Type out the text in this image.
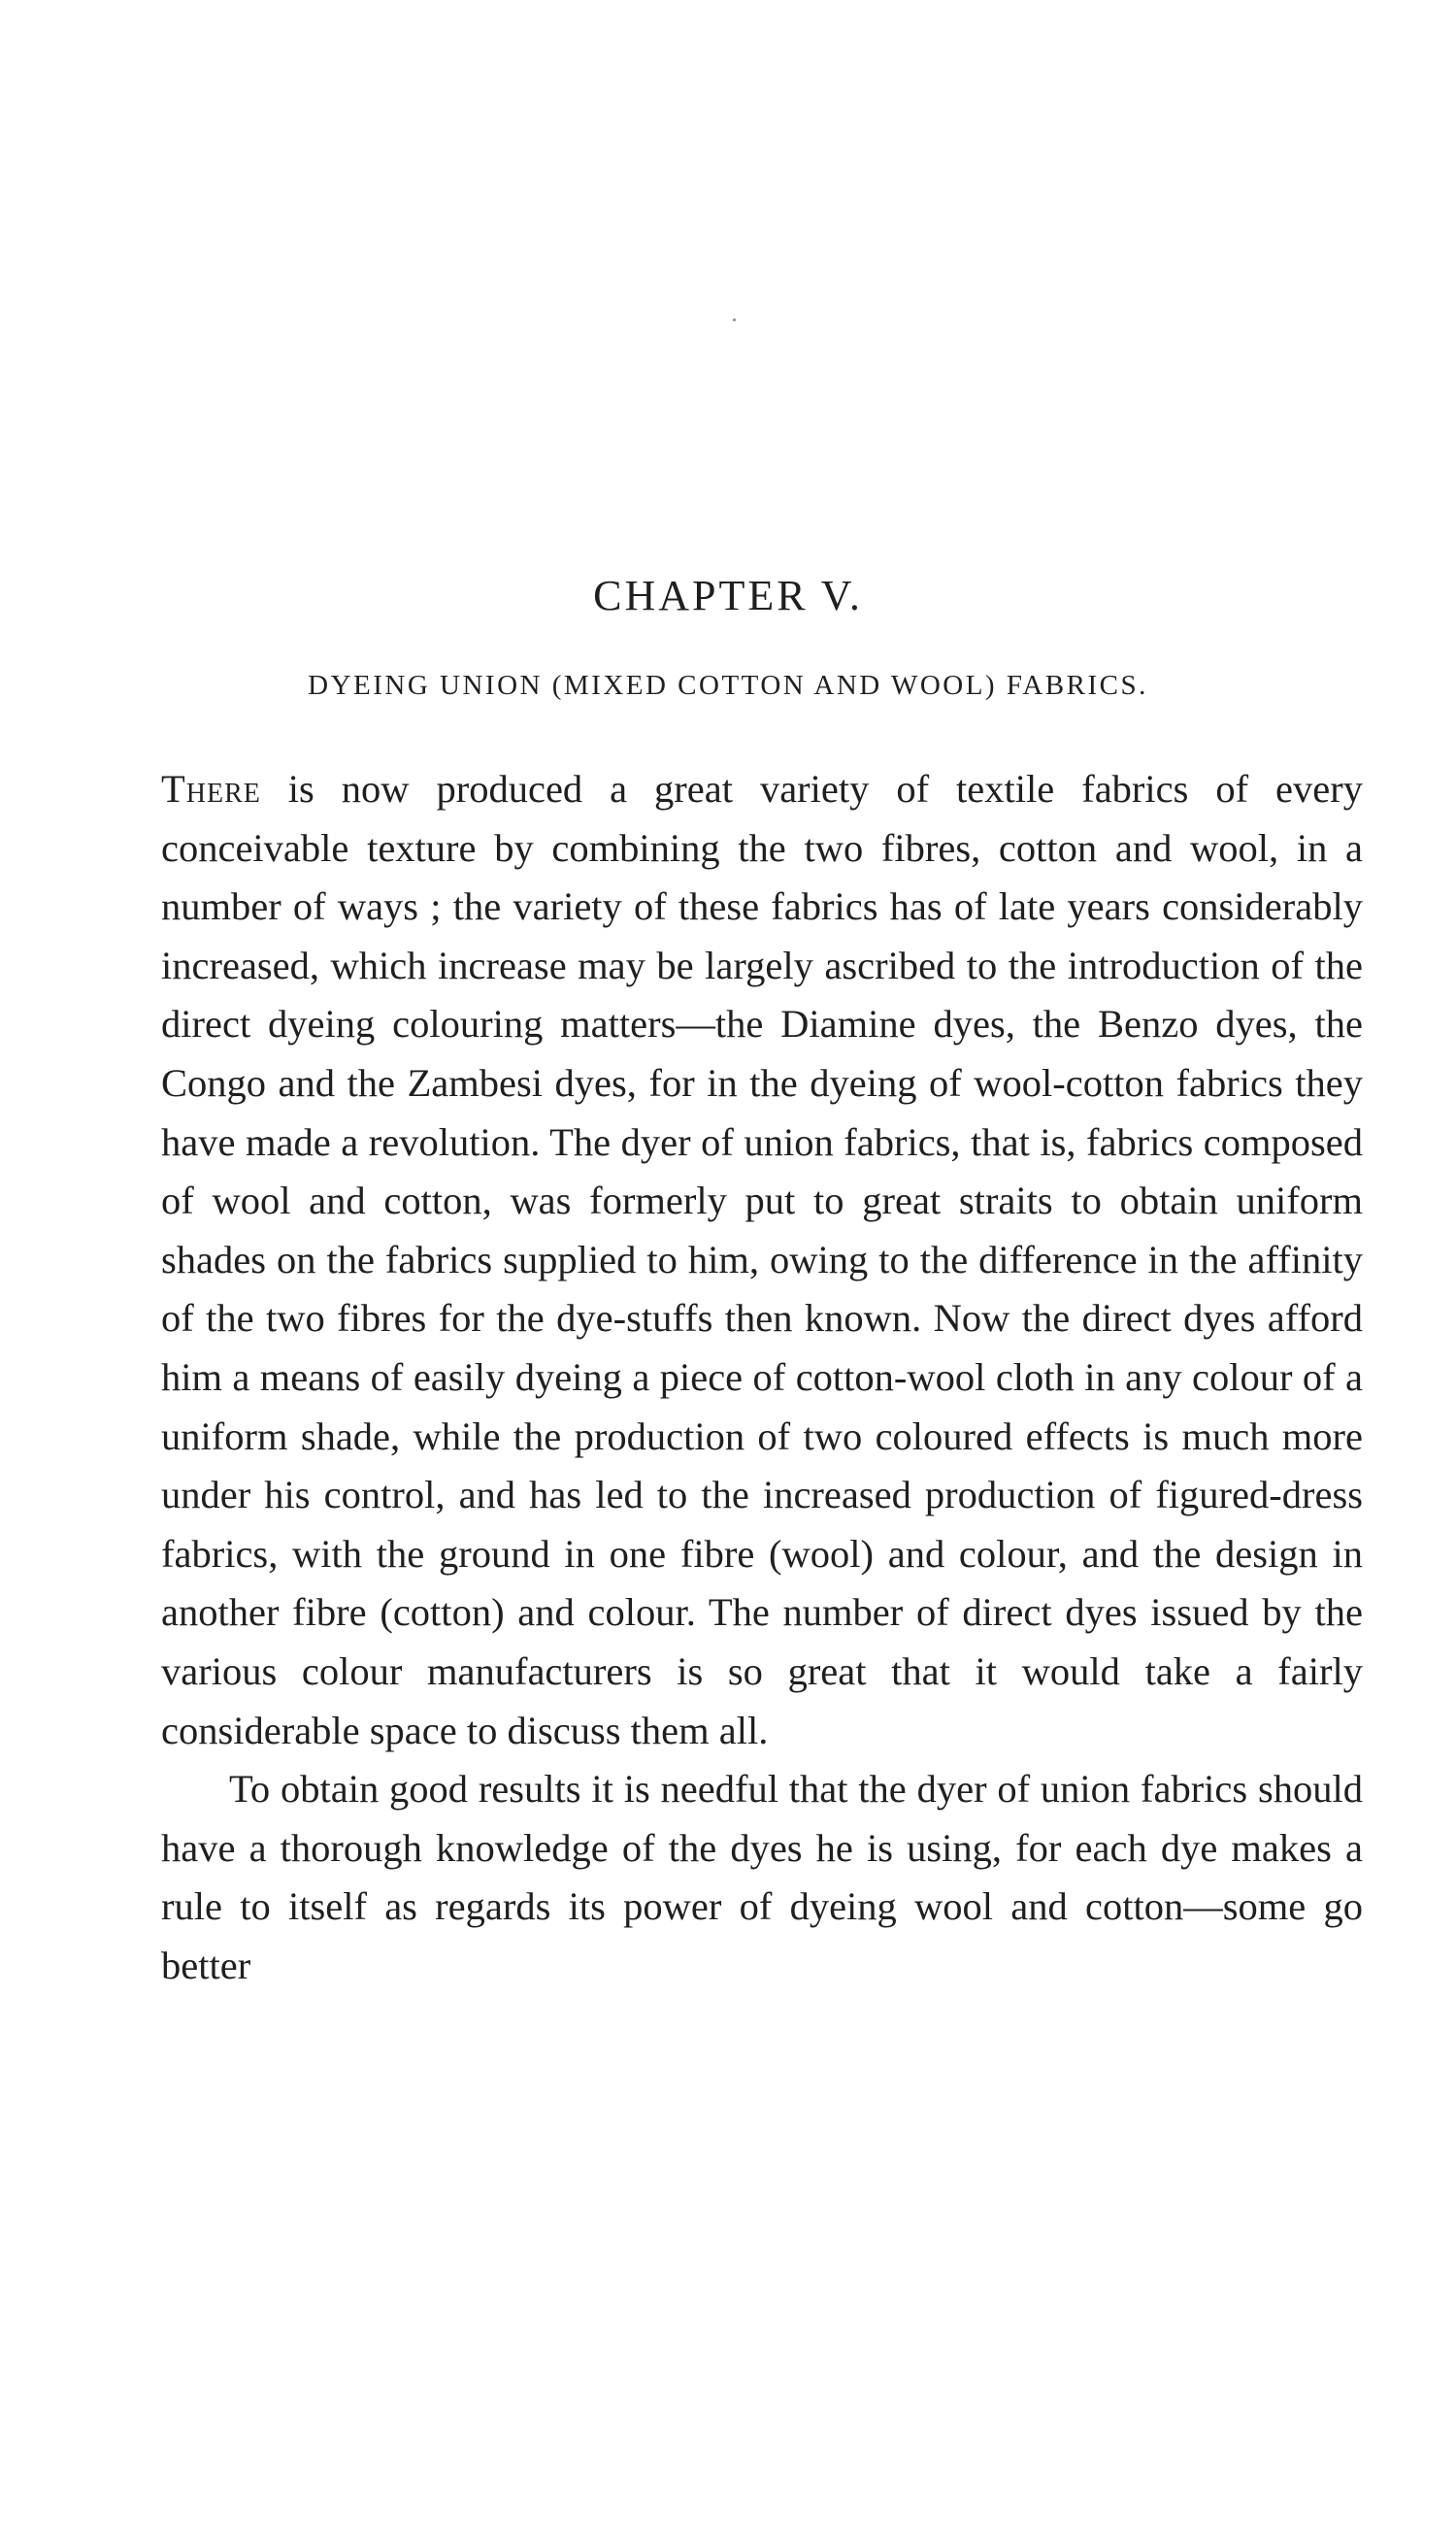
CHAPTER V.
DYEING UNION (MIXED COTTON AND WOOL) FABRICS.

There is now produced a great variety of textile fabrics of every conceivable texture by combining the two fibres, cotton and wool, in a number of ways ; the variety of these fabrics has of late years considerably increased, which increase may be largely ascribed to the introduction of the direct dyeing colouring matters—the Diamine dyes, the Benzo dyes, the Congo and the Zambesi dyes, for in the dyeing of wool-cotton fabrics they have made a revolution. The dyer of union fabrics, that is, fabrics composed of wool and cotton, was formerly put to great straits to obtain uniform shades on the fabrics supplied to him, owing to the difference in the affinity of the two fibres for the dye-stuffs then known. Now the direct dyes afford him a means of easily dyeing a piece of cotton-wool cloth in any colour of a uniform shade, while the production of two coloured effects is much more under his control, and has led to the increased production of figured-dress fabrics, with the ground in one fibre (wool) and colour, and the design in another fibre (cotton) and colour. The number of direct dyes issued by the various colour manufacturers is so great that it would take a fairly considerable space to discuss them all.

To obtain good results it is needful that the dyer of union fabrics should have a thorough knowledge of the dyes he is using, for each dye makes a rule to itself as regards its power of dyeing wool and cotton—some go better
